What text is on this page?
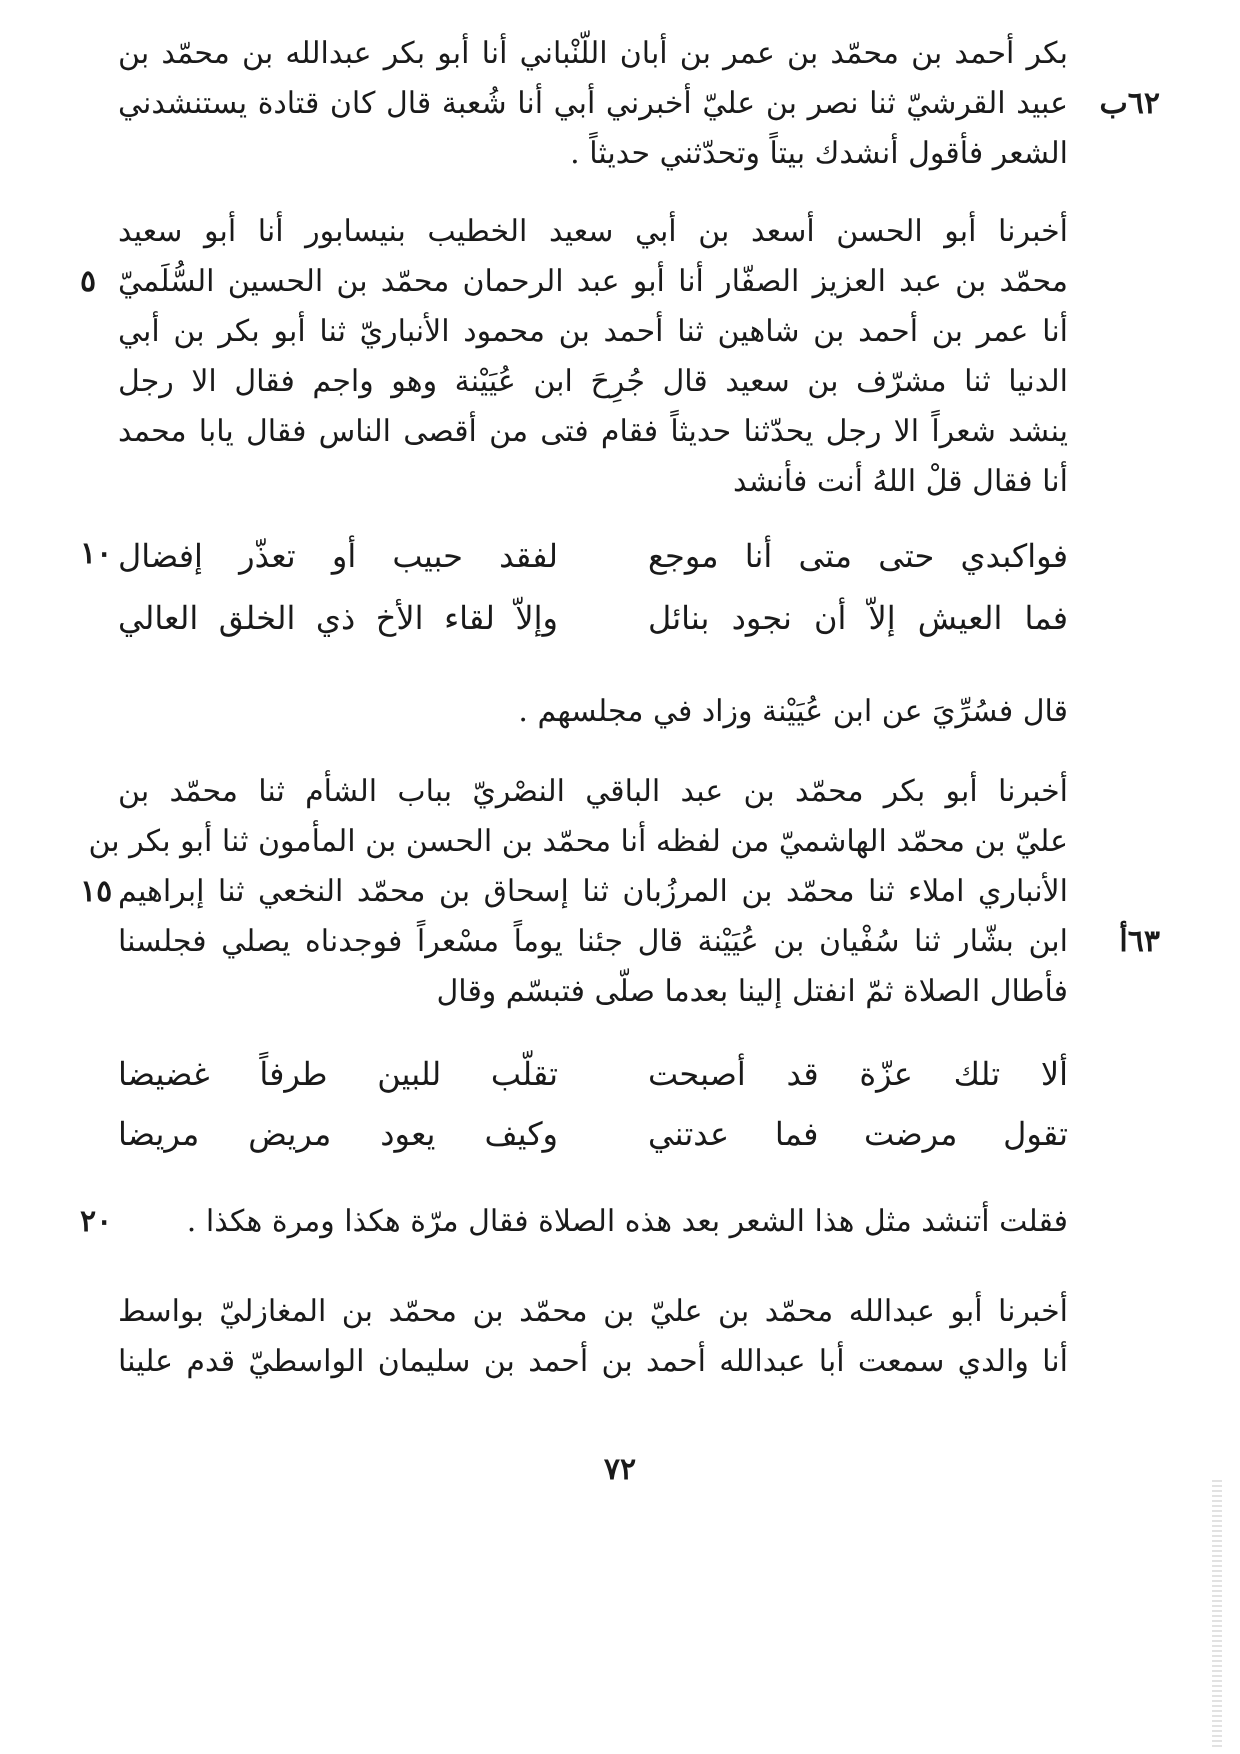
بكر أحمد بن محمّد بن عمر بن أبان اللّنْباني أنا أبو بكر عبدالله بن محمّد بن
عبيد القرشيّ ثنا نصر بن عليّ أخبرني أبي أنا شُعبة قال كان قتادة يستنشدني ٦٢ب
الشعر فأقول أنشدك بيتاً وتحدّثني حديثاً .
أخبرنا أبو الحسن أسعد بن أبي سعيد الخطيب بنيسابور أنا أبو سعيد
محمّد بن عبد العزيز الصفّار أنا أبو عبد الرحمان محمّد بن الحسين السُّلَميّ
٥
أنا عمر بن أحمد بن شاهين ثنا أحمد بن محمود الأنباريّ ثنا أبو بكر بن أبي
الدنيا ثنا مشرّف بن سعيد قال جُرِحَ ابن عُيَيْنة وهو واجم فقال الا رجل
ينشد شعراً الا رجل يحدّثنا حديثاً فقام فتى من أقصى الناس فقال يابا محمد
أنا فقال قلْ اللهُ أنت فأنشد
فواكبدي حتى متى أنا موجع
لفقد حبيب أو تعذّر إفضال
١٠
فما العيش إلاّ أن نجود بنائل
وإلاّ لقاء الأخ ذي الخلق العالي
قال فسُرِّيَ عن ابن عُيَيْنة وزاد في مجلسهم .
أخبرنا أبو بكر محمّد بن عبد الباقي النصْريّ بباب الشأم ثنا محمّد بن
عليّ بن محمّد الهاشميّ من لفظه أنا محمّد بن الحسن بن المأمون ثنا أبو بكر بن
الأنباري املاء ثنا محمّد بن المرزُبان ثنا إسحاق بن محمّد النخعي ثنا إبراهيم
١٥
ابن بشّار ثنا سُفْيان بن عُيَيْنة قال جئنا يوماً مسْعراً فوجدناه يصلي فجلسنا ٦٣أ
فأطال الصلاة ثمّ انفتل إلينا بعدما صلّى فتبسّم وقال
ألا تلك عزّة قد أصبحت
تقلّب للبين طرفاً غضيضا
تقول مرضت فما عدتني
وكيف يعود مريض مريضا
فقلت أتنشد مثل هذا الشعر بعد هذه الصلاة فقال مرّة هكذا ومرة هكذا .
٢٠
أخبرنا أبو عبدالله محمّد بن عليّ بن محمّد بن محمّد بن المغازليّ بواسط
أنا والدي سمعت أبا عبدالله أحمد بن أحمد بن سليمان الواسطيّ قدم علينا
٧٢
